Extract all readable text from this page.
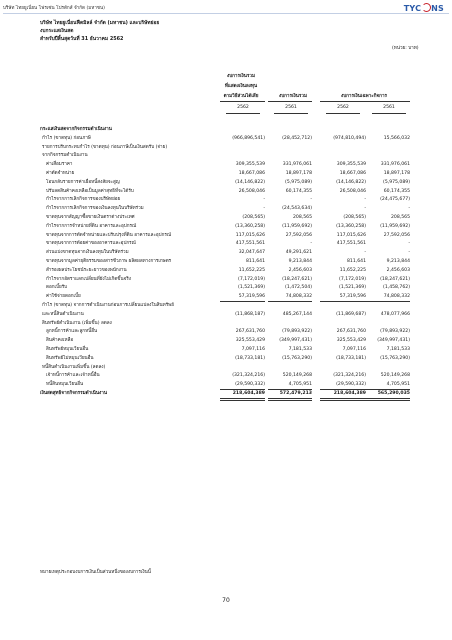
บริษัท ไทยยูเนี่ยน โฟรเซ่น โปรดักส์ จำกัด (มหาชน)	TYC NS
บริษัท ไทยยูเนี่ยนฟีดมิลล์ จำกัด (มหาชน) และบริษัทย่อย
งบกระแสเงินสด
สำหรับปีสิ้นสุดวันที่ 31 ธันวาคม 2562
(หน่วย: บาท)
งบการเงินรวม
ที่แสดงเงินลงทุน
ตามวิธีส่วนได้เสีย	งบการเงินรวม	งบการเงินเฉพาะกิจการ
2562	2561	2562	2561
กระแสเงินสดจากกิจกรรมดำเนินงาน
กำไร (ขาดทุน) ก่อนภาษี	(966,896,541)	(28,452,712)	(974,810,494)	15,566,032
รายการปรับกระทบกำไร (ขาดทุน) ก่อนภาษีเป็นเงินสดรับ (จ่าย)
จากกิจกรรมดำเนินงาน
ค่าเสื่อมราคา	309,355,539	331,976,061	309,355,539	331,976,061
ค่าตัดจำหน่าย	18,667,086	18,897,178	18,667,086	18,897,178
โอนกลับรายการค่าเผื่อหนี้สงสัยจะสูญ	(14,146,822)	(5,975,089)	(14,146,822)	(5,975,089)
ปรับลดสินค้าคงเหลือเป็นมูลค่าสุทธิที่จะได้รับ	26,508,046	60,174,355	26,508,046	60,174,355
กำไรจากการเลิกกิจการของบริษัทย่อย	-	-	-	(24,475,677)
กำไรจากการเลิกกิจการของเงินลงทุนในบริษัทร่วม	-	(24,543,634)	-	-
ขาดทุนจากสัญญาซื้อขายเงินตราต่างประเทศ	(208,565)	208,565	(208,565)	208,565
กำไรจากการจำหน่ายที่ดิน อาคารและอุปกรณ์	(13,360,258)	(11,959,692)	(13,360,258)	(11,959,692)
ขาดทุนจากการตัดจำหน่ายและปรับปรุงที่ดิน อาคารและอุปกรณ์	117,015,626	27,592,056	117,015,626	27,592,056
ขาดทุนจากการด้อยค่าของอาคารและอุปกรณ์	417,551,561	-	417,551,561	-
ส่วนแบ่งขาดทุนจากเงินลงทุนในบริษัทร่วม	32,047,647	49,291,621	-	-
ขาดทุนจากมูลค่ายุติธรรมของสารชีวภาพ ผลิตผลทางการเกษตร	811,641	9,213,844	811,641	9,213,844
สำรองผลประโยชน์ระยะยาวของพนักงาน	11,652,225	2,456,603	11,652,225	2,456,603
กำไรจากอัตราแลกเปลี่ยนที่ยังไม่เกิดขึ้นจริง	(7,172,019)	(18,247,621)	(7,172,019)	(18,247,621)
ดอกเบี้ยรับ	(1,521,369)	(1,472,504)	(1,521,369)	(1,458,762)
ค่าใช้จ่ายดอกเบี้ย	57,319,596	74,808,332	57,319,596	74,808,332
กำไร (ขาดทุน) จากการดำเนินงานก่อนการเปลี่ยนแปลงในสินทรัพย์
และหนี้สินดำเนินงาน	(11,868,187)	485,267,144	(11,869,687)	478,077,966
สินทรัพย์ดำเนินงาน (เพิ่มขึ้น) ลดลง
ลูกหนี้การค้าและลูกหนี้อื่น	267,631,760	(79,893,922)	267,631,760	(79,893,922)
สินค้าคงเหลือ	325,553,429	(349,997,431)	325,553,429	(349,997,431)
สินทรัพย์หมุนเวียนอื่น	7,097,116	7,181,533	7,097,116	7,181,533
สินทรัพย์ไม่หมุนเวียนอื่น	(18,733,181)	(15,763,290)	(18,733,181)	(15,763,290)
หนี้สินดำเนินงานเพิ่มขึ้น (ลดลง)
เจ้าหนี้การค้าและเจ้าหนี้อื่น	(321,324,216)	520,149,268	(321,324,216)	520,149,268
หนี้สินหมุนเวียนอื่น	(29,590,332)	4,705,951	(29,590,332)	4,705,951
เงินสดสุทธิจากกิจกรรมดำเนินงาน	218,604,389	572,479,213	218,604,389	565,290,035
หมายเหตุประกอบงบการเงินเป็นส่วนหนึ่งของงบการเงินนี้
70
